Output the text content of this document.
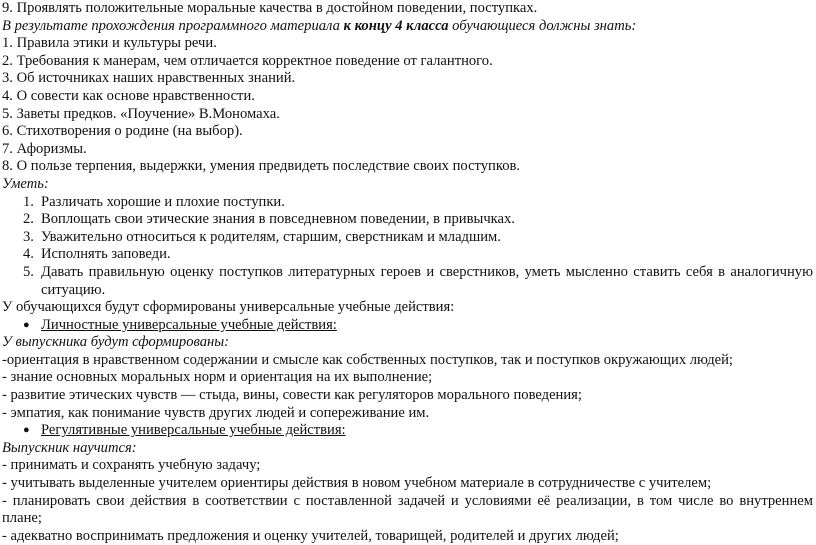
9. Проявлять положительные моральные качества в достойном поведении, поступках.
В результате прохождения программного материала к концу 4 класса обучающиеся должны знать:
1. Правила этики и культуры речи.
2. Требования к манерам, чем отличается корректное поведение от галантного.
3. Об источниках наших нравственных знаний.
4. О совести как основе нравственности.
5. Заветы предков. «Поучение» В.Мономаха.
6. Стихотворения о родине (на выбор).
7. Афоризмы.
8. О пользе терпения, выдержки, умения предвидеть последствие своих поступков.
Уметь:
1. Различать хорошие и плохие поступки.
2. Воплощать свои этические знания в повседневном поведении, в привычках.
3. Уважительно относиться к родителям, старшим, сверстникам и младшим.
4. Исполнять заповеди.
5. Давать правильную оценку поступков литературных героев и сверстников, уметь мысленно ставить себя в аналогичную ситуацию.
У обучающихся будут сформированы универсальные учебные действия:
● Личностные универсальные учебные действия:
У выпускника будут сформированы:
-ориентация в нравственном содержании и смысле как собственных поступков, так и поступков окружающих людей;
- знание основных моральных норм и ориентация на их выполнение;
- развитие этических чувств — стыда, вины, совести как регуляторов морального поведения;
- эмпатия, как понимание чувств других людей и сопереживание им.
● Регулятивные универсальные учебные действия:
Выпускник научится:
- принимать и сохранять учебную задачу;
- учитывать выделенные учителем ориентиры действия в новом учебном материале в сотрудничестве с учителем;
- планировать свои действия в соответствии с поставленной задачей и условиями её реализации, в том числе во внутреннем плане;
- адекватно воспринимать предложения и оценку учителей, товарищей, родителей и других людей;
